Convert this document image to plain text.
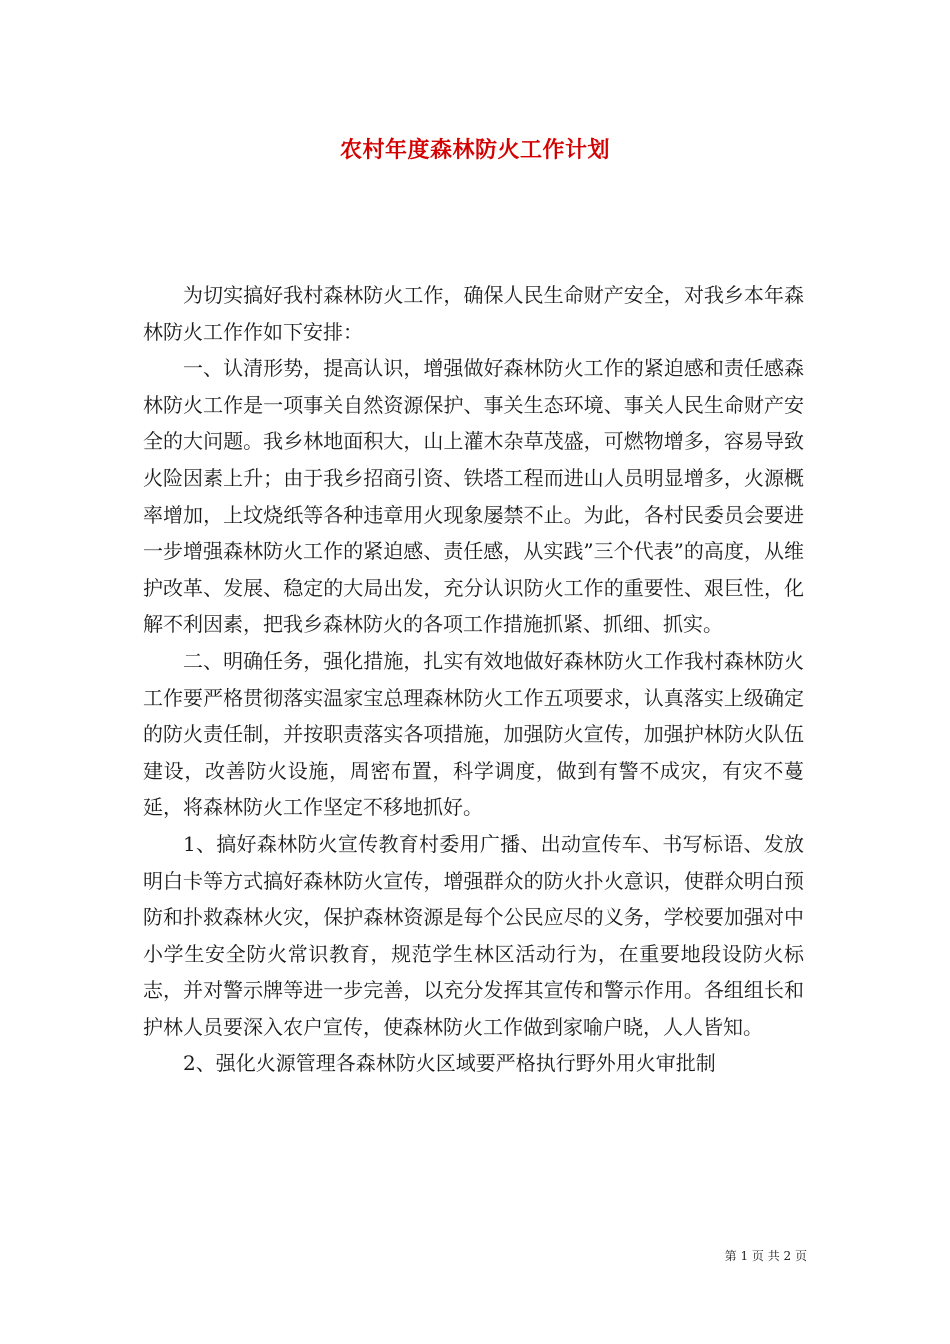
农村年度森林防火工作计划

为切实搞好我村森林防火工作，确保人民生命财产安全，对我乡本年森林防火工作作如下安排：

一、认清形势，提高认识，增强做好森林防火工作的紧迫感和责任感森林防火工作是一项事关自然资源保护、事关生态环境、事关人民生命财产安全的大问题。我乡林地面积大，山上灌木杂草茂盛，可燃物增多，容易导致火险因素上升；由于我乡招商引资、铁塔工程而进山人员明显增多，火源概率增加，上坟烧纸等各种违章用火现象屡禁不止。为此，各村民委员会要进一步增强森林防火工作的紧迫感、责任感，从实践”三个代表”的高度，从维护改革、发展、稳定的大局出发，充分认识防火工作的重要性、艰巨性，化解不利因素，把我乡森林防火的各项工作措施抓紧、抓细、抓实。

二、明确任务，强化措施，扎实有效地做好森林防火工作我村森林防火工作要严格贯彻落实温家宝总理森林防火工作五项要求，认真落实上级确定的防火责任制，并按职责落实各项措施，加强防火宣传，加强护林防火队伍建设，改善防火设施，周密布置，科学调度，做到有警不成灾，有灾不蔓延，将森林防火工作坚定不移地抓好。

1、搞好森林防火宣传教育村委用广播、出动宣传车、书写标语、发放明白卡等方式搞好森林防火宣传，增强群众的防火扑火意识，使群众明白预防和扑救森林火灾，保护森林资源是每个公民应尽的义务，学校要加强对中小学生安全防火常识教育，规范学生林区活动行为，在重要地段设防火标志，并对警示牌等进一步完善，以充分发挥其宣传和警示作用。各组组长和护林人员要深入农户宣传，使森林防火工作做到家喻户晓，人人皆知。

2、强化火源管理各森林防火区域要严格执行野外用火审批制

第 1 页 共 2 页
